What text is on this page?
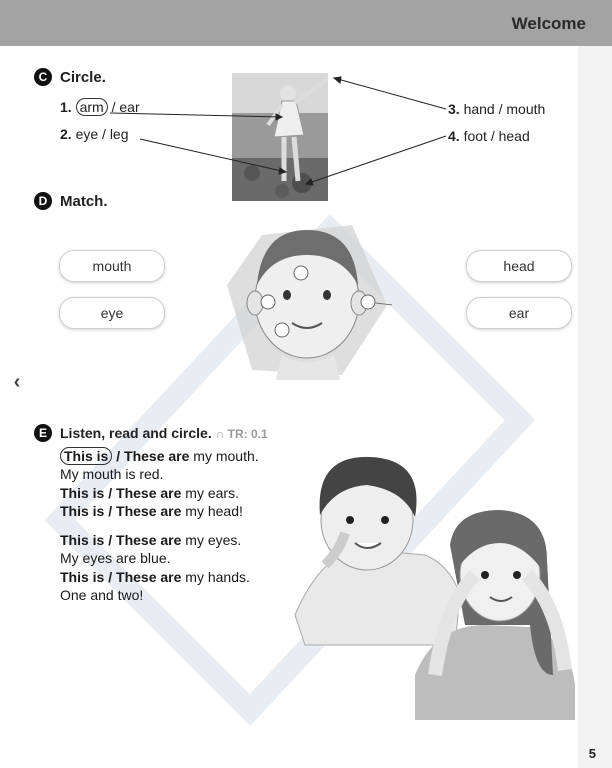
Welcome
C Circle.
1. arm / ear
2. eye / leg
3. hand / mouth
4. foot / head
D Match.
mouth
eye
head
ear
‹
E Listen, read and circle. ∩ TR: 0.1
This is / These are my mouth.
My mouth is red.
This is / These are my ears.
This is / These are my head!
This is / These are my eyes.
My eyes are blue.
This is / These are my hands.
One and two!
5
